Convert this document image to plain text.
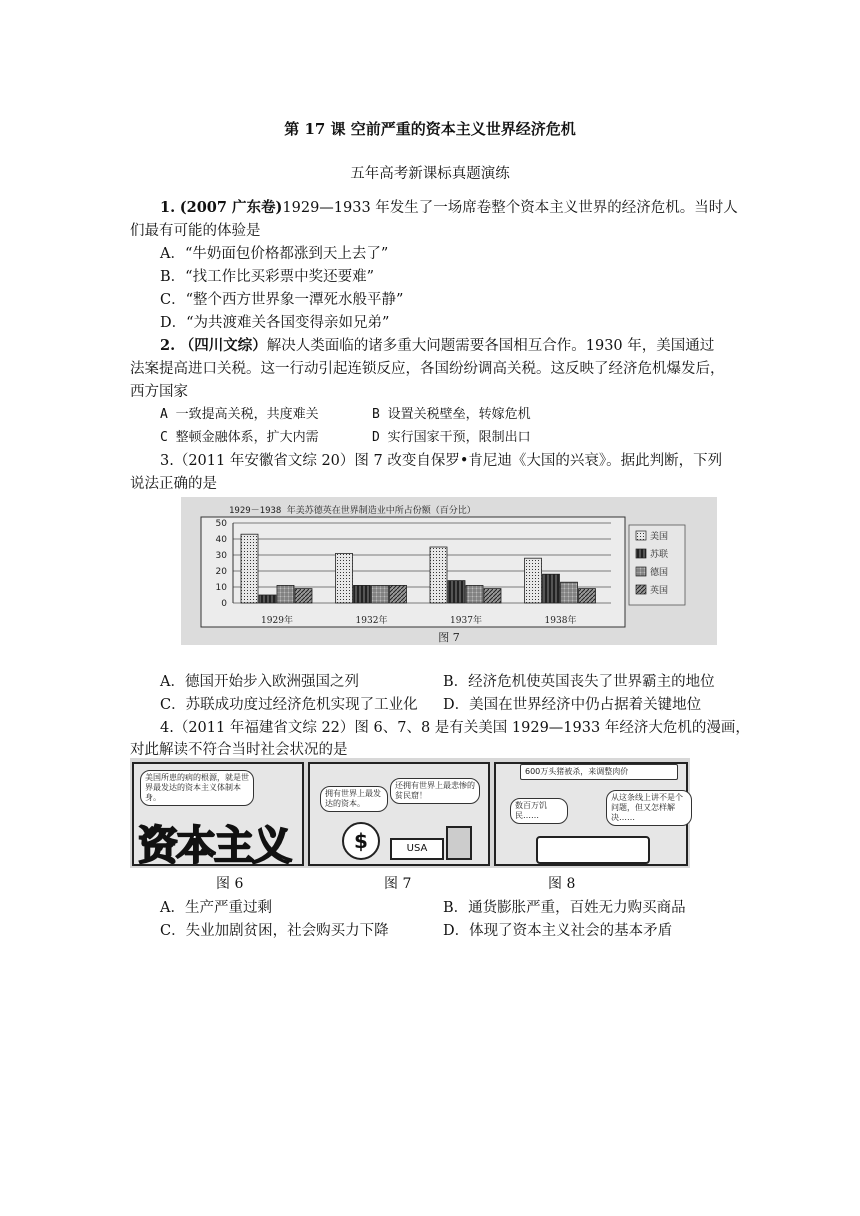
第 17 课 空前严重的资本主义世界经济危机
五年高考新课标真题演练
1. (2007 广东卷)1929—1933 年发生了一场席卷整个资本主义世界的经济危机。当时人
们最有可能的体验是
A．“牛奶面包价格都涨到天上去了”
B．“找工作比买彩票中奖还要难”
C．“整个西方世界象一潭死水般平静”
D．“为共渡难关各国变得亲如兄弟”
2. （四川文综）解决人类面临的诸多重大问题需要各国相互合作。1930 年，美国通过
法案提高进口关税。这一行动引起连锁反应，各国纷纷调高关税。这反映了经济危机爆发后，
西方国家
A 一致提高关税，共度难关	B 设置关税壁垒，转嫁危机
C 整顿金融体系，扩大内需	D 实行国家干预，限制出口
3.（2011 年安徽省文综 20）图 7 改变自保罗•肯尼迪《大国的兴衰》。据此判断，下列
说法正确的是
50
40
30
20
10
0
1929年	1932年	1937年	1938年
美国
苏联
德国
英国
1929－1938 年美苏德英在世界制造业中所占份额（百分比）
图 7
A．德国开始步入欧洲强国之列	B．经济危机使英国丧失了世界霸主的地位
C．苏联成功度过经济危机实现了工业化 D．美国在世界经济中仍占据着关键地位
4.（2011 年福建省文综 22）图 6、7、8 是有关美国 1929—1933 年经济大危机的漫画，
对此解读不符合当时社会状况的是
美国所患的病的根源，就是世界最发达的资本主义体制本身。
资本主义
拥有世界上最发达的资本。
还拥有世界上最悲惨的贫民窟！
$	USA
600万头猪被杀，来调整肉价
数百万饥民……
从这条线上讲不是个问题，但又怎样解决……
图 6	图 7	图 8
A．生产严重过剩	B．通货膨胀严重，百姓无力购买商品
C．失业加剧贫困，社会购买力下降	D．体现了资本主义社会的基本矛盾
